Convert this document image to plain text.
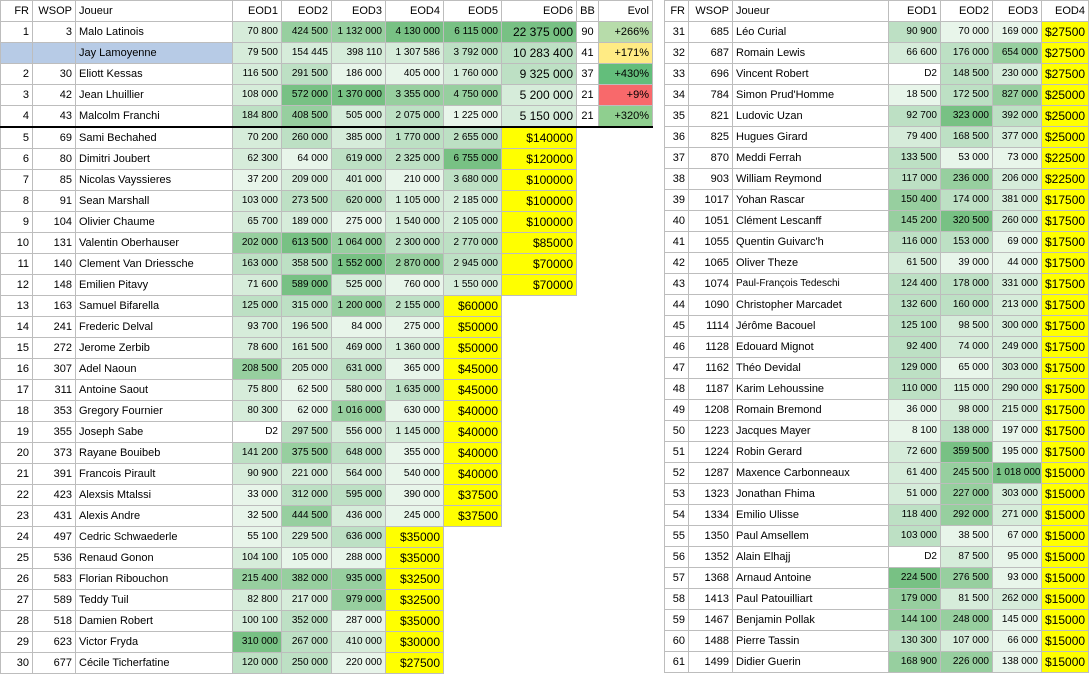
FR	WSOP	Joueur	EOD1	EOD2	EOD3	EOD4	EOD5	EOD6	BB	Evol
1	3	Malo Latinois	70 800	424 500	1 132 000	4 130 000	6 115 000	22 375 000	90	+266%
		Jay Lamoyenne	79 500	154 445	398 110	1 307 586	3 792 000	10 283 400	41	+171%
2	30	Eliott Kessas	116 500	291 500	186 000	405 000	1 760 000	9 325 000	37	+430%
3	42	Jean Lhuillier	108 000	572 000	1 370 000	3 355 000	4 750 000	5 200 000	21	+9%
4	43	Malcolm Franchi	184 800	408 500	505 000	2 075 000	1 225 000	5 150 000	21	+320%
5	69	Sami Bechahed	70 200	260 000	385 000	1 770 000	2 655 000	$140000		
6	80	Dimitri Joubert	62 300	64 000	619 000	2 325 000	6 755 000	$120000		
7	85	Nicolas Vayssieres	37 200	209 000	401 000	210 000	3 680 000	$100000		
8	91	Sean Marshall	103 000	273 500	620 000	1 105 000	2 185 000	$100000		
9	104	Olivier Chaume	65 700	189 000	275 000	1 540 000	2 105 000	$100000		
10	131	Valentin Oberhauser	202 000	613 500	1 064 000	2 300 000	2 770 000	$85000		
11	140	Clement Van Driessche	163 000	358 500	1 552 000	2 870 000	2 945 000	$70000		
12	148	Emilien Pitavy	71 600	589 000	525 000	760 000	1 550 000	$70000		
13	163	Samuel Bifarella	125 000	315 000	1 200 000	2 155 000	$60000			
14	241	Frederic Delval	93 700	196 500	84 000	275 000	$50000			
15	272	Jerome Zerbib	78 600	161 500	469 000	1 360 000	$50000			
16	307	Adel Naoun	208 500	205 000	631 000	365 000	$45000			
17	311	Antoine Saout	75 800	62 500	580 000	1 635 000	$45000			
18	353	Gregory Fournier	80 300	62 000	1 016 000	630 000	$40000			
19	355	Joseph Sabe	D2	297 500	556 000	1 145 000	$40000			
20	373	Rayane Bouibeb	141 200	375 500	648 000	355 000	$40000			
21	391	Francois Pirault	90 900	221 000	564 000	540 000	$40000			
22	423	Alexsis Mtalssi	33 000	312 000	595 000	390 000	$37500			
23	431	Alexis Andre	32 500	444 500	436 000	245 000	$37500			
24	497	Cedric Schwaederle	55 100	229 500	636 000	$35000				
25	536	Renaud Gonon	104 100	105 000	288 000	$35000				
26	583	Florian Ribouchon	215 400	382 000	935 000	$32500				
27	589	Teddy Tuil	82 800	217 000	979 000	$32500				
28	518	Damien Robert	100 100	352 000	287 000	$35000				
29	623	Victor Fryda	310 000	267 000	410 000	$30000				
30	677	Cécile Ticherfatine	120 000	250 000	220 000	$27500				
FR	WSOP	Joueur	EOD1	EOD2	EOD3	EOD4
31	685	Léo Curial	90 900	70 000	169 000	$27500
32	687	Romain Lewis	66 600	176 000	654 000	$27500
33	696	Vincent Robert	D2	148 500	230 000	$27500
34	784	Simon Prud'Homme	18 500	172 500	827 000	$25000
35	821	Ludovic Uzan	92 700	323 000	392 000	$25000
36	825	Hugues Girard	79 400	168 500	377 000	$25000
37	870	Meddi Ferrah	133 500	53 000	73 000	$22500
38	903	William Reymond	117 000	236 000	206 000	$22500
39	1017	Yohan Rascar	150 400	174 000	381 000	$17500
40	1051	Clément Lescanff	145 200	320 500	260 000	$17500
41	1055	Quentin Guivarc'h	116 000	153 000	69 000	$17500
42	1065	Oliver Theze	61 500	39 000	44 000	$17500
43	1074	Paul-François Tedeschi	124 400	178 000	331 000	$17500
44	1090	Christopher Marcadet	132 600	160 000	213 000	$17500
45	1114	Jérôme Bacouel	125 100	98 500	300 000	$17500
46	1128	Edouard Mignot	92 400	74 000	249 000	$17500
47	1162	Théo Devidal	129 000	65 000	303 000	$17500
48	1187	Karim Lehoussine	110 000	115 000	290 000	$17500
49	1208	Romain Bremond	36 000	98 000	215 000	$17500
50	1223	Jacques Mayer	8 100	138 000	197 000	$17500
51	1224	Robin Gerard	72 600	359 500	195 000	$17500
52	1287	Maxence Carbonneaux	61 400	245 500	1 018 000	$15000
53	1323	Jonathan Fhima	51 000	227 000	303 000	$15000
54	1334	Emilio Ulisse	118 400	292 000	271 000	$15000
55	1350	Paul Amsellem	103 000	38 500	67 000	$15000
56	1352	Alain Elhajj	D2	87 500	95 000	$15000
57	1368	Arnaud Antoine	224 500	276 500	93 000	$15000
58	1413	Paul Patouilliart	179 000	81 500	262 000	$15000
59	1467	Benjamin Pollak	144 100	248 000	145 000	$15000
60	1488	Pierre Tassin	130 300	107 000	66 000	$15000
61	1499	Didier Guerin	168 900	226 000	138 000	$15000
